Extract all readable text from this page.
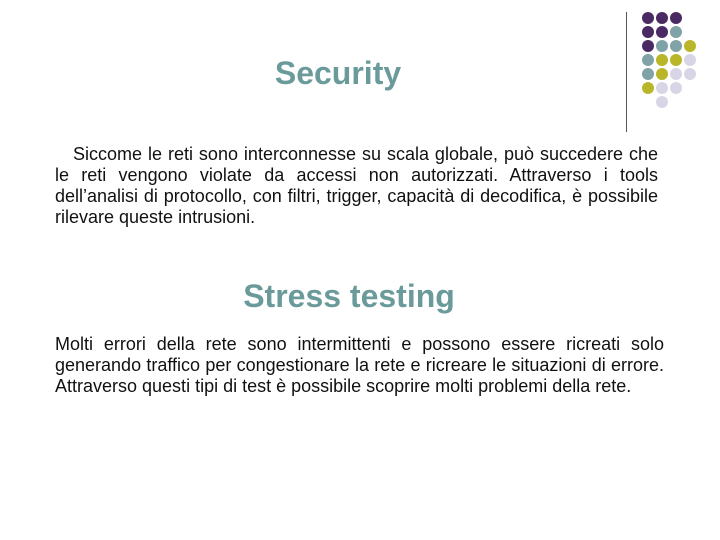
Security

Siccome le reti sono interconnesse su scala globale, può succedere che le reti vengono violate da accessi non autorizzati. Attraverso i tools dell’analisi di protocollo, con filtri, trigger, capacità di decodifica, è possibile rilevare queste intrusioni.

Stress testing

Molti errori della rete sono intermittenti e possono essere ricreati solo generando traffico per congestionare la rete e ricreare le situazioni di errore. Attraverso questi tipi di test è possibile scoprire molti problemi della rete.
